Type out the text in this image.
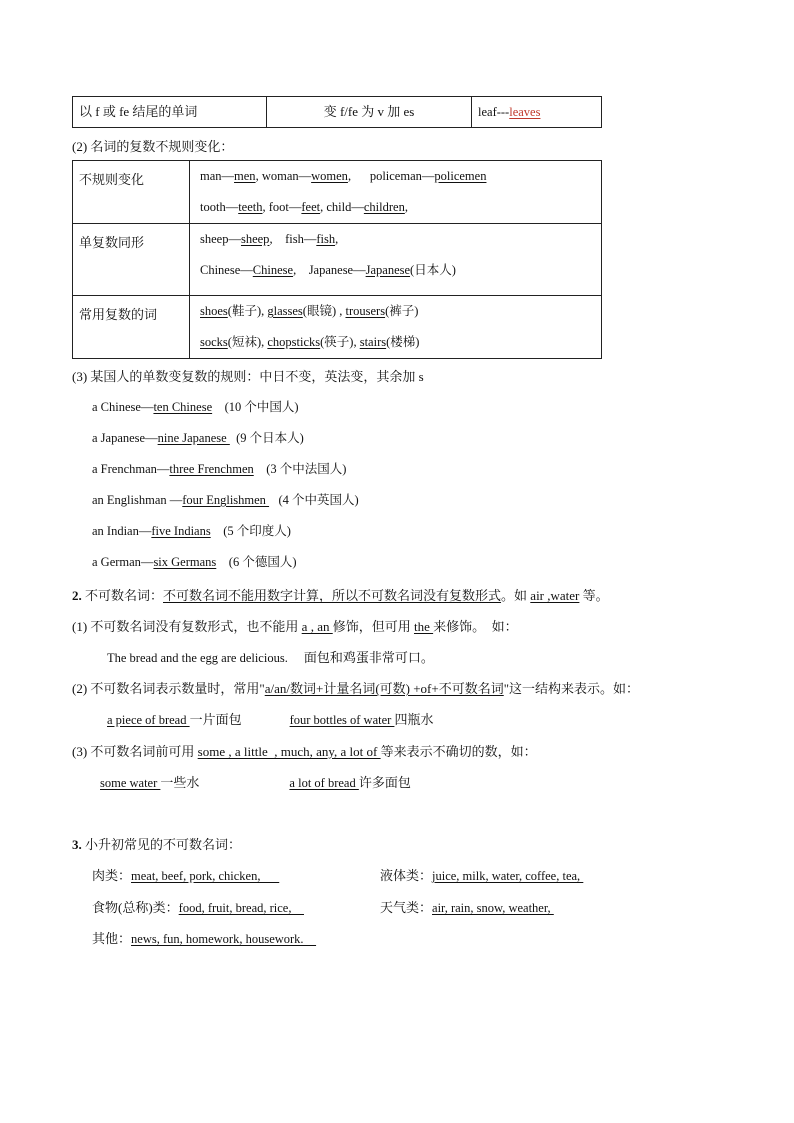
以 f 或 fe 结尾的单词	变 f/fe 为 v 加 es	leaf---leaves
(2) 名词的复数不规则变化：
不规则变化	man—men, woman—women,      policeman—policemen
tooth—teeth, foot—feet, child—children,

单复数同形	sheep—sheep,    fish—fish,
Chinese—Chinese,    Japanese—Japanese(日本人)

常用复数的词	shoes(鞋子), glasses(眼镜) , trousers(裤子)
socks(短袜), chopsticks(筷子), stairs(楼梯)
(3) 某国人的单数变复数的规则：中日不变，英法变，其余加 s
a Chinese—ten Chinese    (10 个中国人)
a Japanese—nine Japanese   (9 个日本人)
a Frenchman—three Frenchmen    (3 个中法国人)
an Englishman —four Englishmen    (4 个中英国人)
an Indian—five Indians    (5 个印度人)
a German—six Germans    (6 个德国人)
2. 不可数名词：不可数名词不能用数字计算，所以不可数名词没有复数形式。如 air ,water 等。
(1) 不可数名词没有复数形式，也不能用 a , an 修饰，但可用 the 来修饰。  如：
The bread and the egg are delicious. 面包和鸡蛋非常可口。
(2) 不可数名词表示数量时，常用"a/an/数词+计量名词(可数) +of+不可数名词"这一结构来表示。如：
a piece of bread 一片面包	four bottles of water 四瓶水
(3) 不可数名词前可用 some , a little  , much, any, a lot of 等来表示不确切的数，如：
some water 一些水	a lot of bread 许多面包
3. 小升初常见的不可数名词：
肉类：meat, beef, pork, chicken,	液体类：juice, milk, water, coffee, tea,
食物(总称)类：food, fruit, bread, rice,	天气类：air, rain, snow, weather,
其他：news, fun, homework, housework.
